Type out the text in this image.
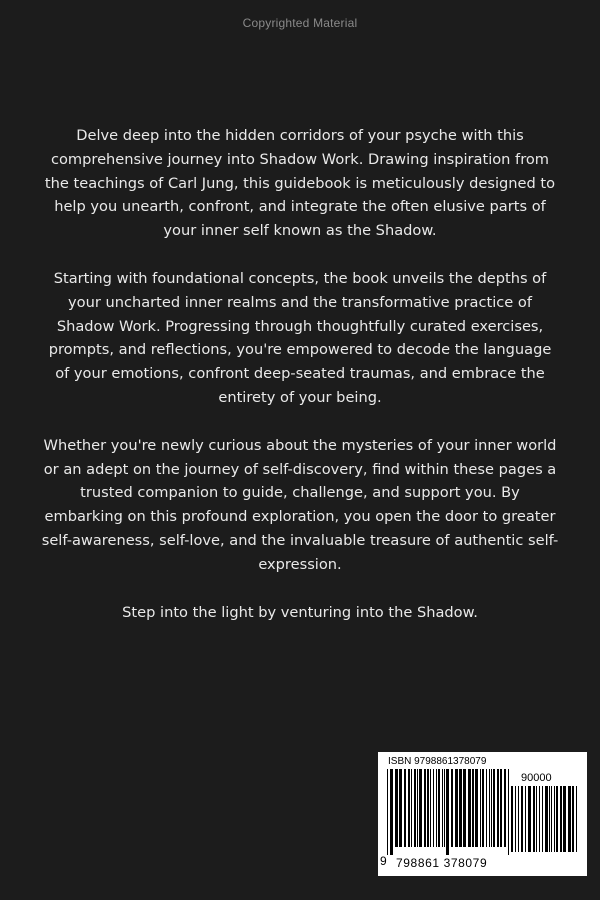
Copyrighted Material

Delve deep into the hidden corridors of your psyche with this comprehensive journey into Shadow Work. Drawing inspiration from the teachings of Carl Jung, this guidebook is meticulously designed to help you unearth, confront, and integrate the often elusive parts of your inner self known as the Shadow.

Starting with foundational concepts, the book unveils the depths of your uncharted inner realms and the transformative practice of Shadow Work. Progressing through thoughtfully curated exercises, prompts, and reflections, you're empowered to decode the language of your emotions, confront deep-seated traumas, and embrace the entirety of your being.

Whether you're newly curious about the mysteries of your inner world or an adept on the journey of self-discovery, find within these pages a trusted companion to guide, challenge, and support you. By embarking on this profound exploration, you open the door to greater self-awareness, self-love, and the invaluable treasure of authentic self-expression.

Step into the light by venturing into the Shadow.

ISBN 9798861378079
90000
9 798861 378079
